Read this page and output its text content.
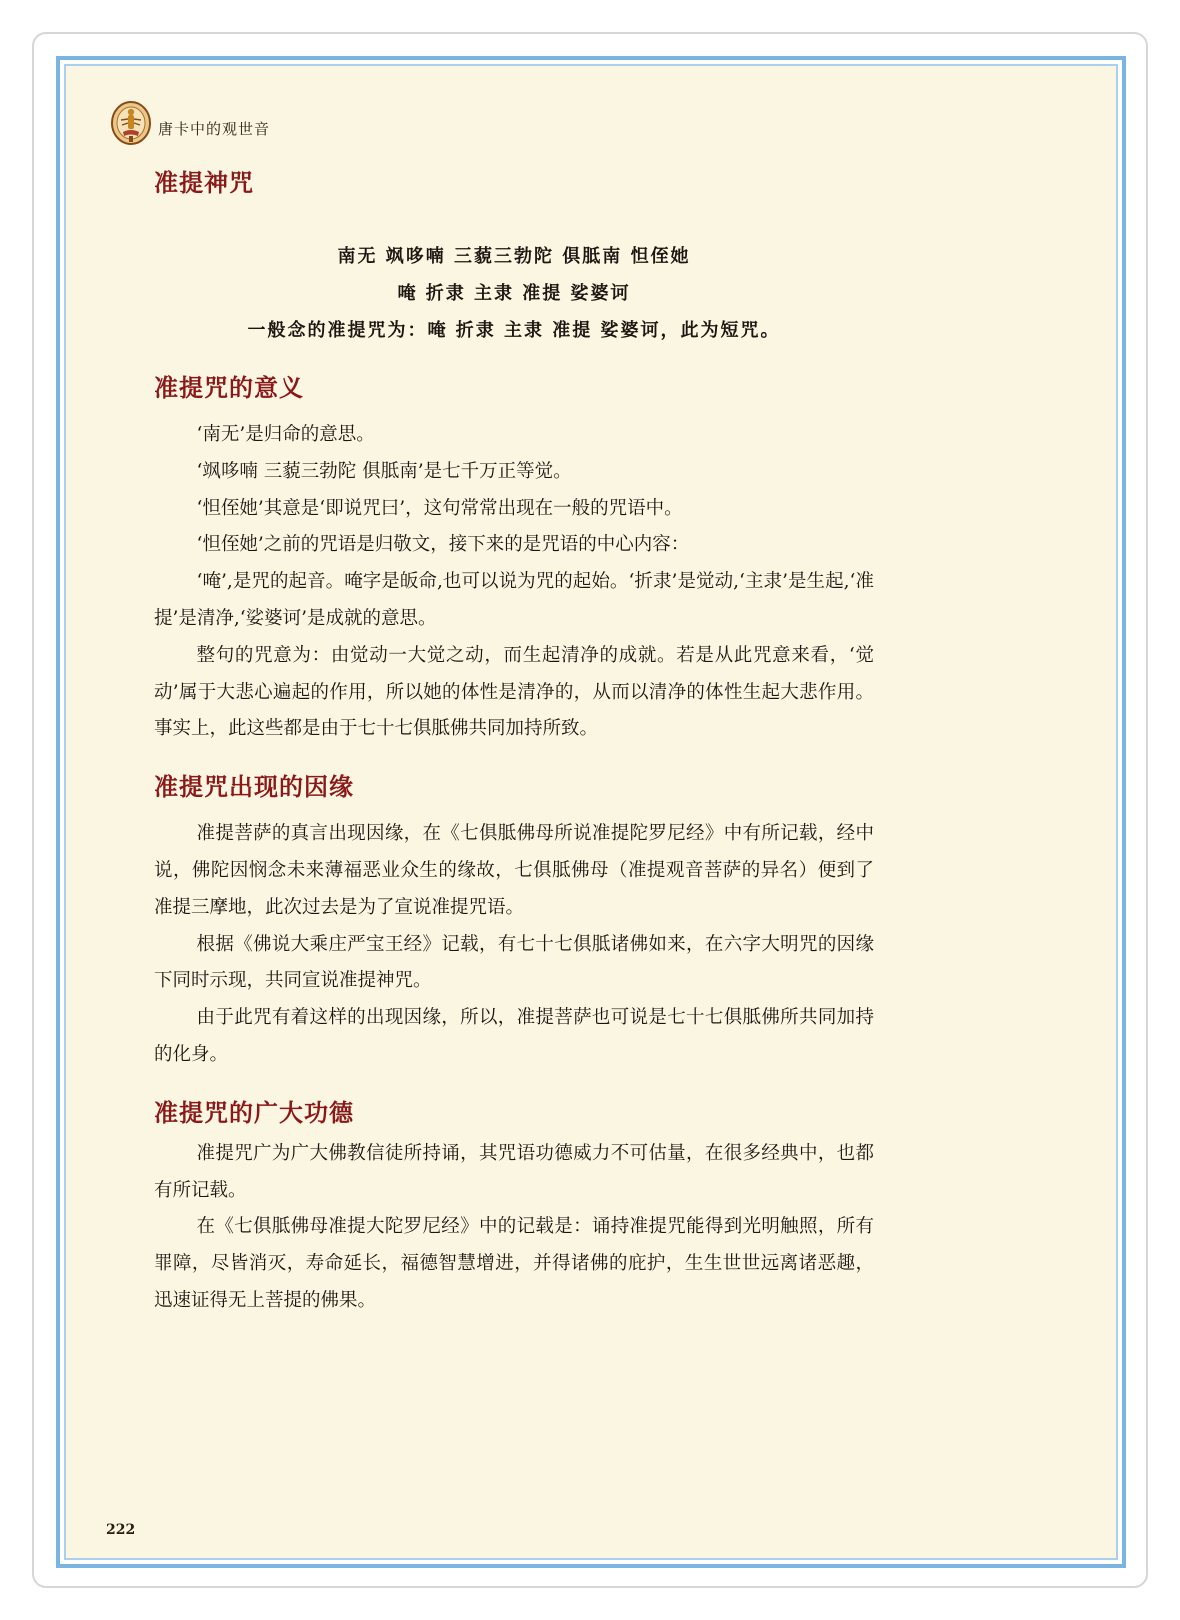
唐卡中的观世音
准提神咒
南无 飒哆喃 三藐三勃陀 俱胝南 怛侄她
唵 折隶 主隶 准提 娑婆诃
一般念的准提咒为：唵 折隶 主隶 准提 娑婆诃，此为短咒。
准提咒的意义

‘南无’是归命的意思。

‘飒哆喃 三藐三勃陀 俱胝南’是七千万正等觉。

‘怛侄她’其意是‘即说咒曰’，这句常常出现在一般的咒语中。

‘怛侄她’之前的咒语是归敬文，接下来的是咒语的中心内容：

‘唵’,是咒的起音。唵字是皈命,也可以说为咒的起始。‘折隶’是觉动,‘主隶’是生起,‘准提’是清净,‘娑婆诃’是成就的意思。

整句的咒意为：由觉动一大觉之动，而生起清净的成就。若是从此咒意来看，‘觉动’属于大悲心遍起的作用，所以她的体性是清净的，从而以清净的体性生起大悲作用。事实上，此这些都是由于七十七俱胝佛共同加持所致。

准提咒出现的因缘

准提菩萨的真言出现因缘，在《七俱胝佛母所说准提陀罗尼经》中有所记载，经中说，佛陀因悯念未来薄福恶业众生的缘故，七俱胝佛母（准提观音菩萨的异名）便到了准提三摩地，此次过去是为了宣说准提咒语。

根据《佛说大乘庄严宝王经》记载，有七十七俱胝诸佛如来，在六字大明咒的因缘下同时示现，共同宣说准提神咒。

由于此咒有着这样的出现因缘，所以，准提菩萨也可说是七十七俱胝佛所共同加持的化身。

准提咒的广大功德

准提咒广为广大佛教信徒所持诵，其咒语功德威力不可估量，在很多经典中，也都有所记载。

在《七俱胝佛母准提大陀罗尼经》中的记载是：诵持准提咒能得到光明触照，所有罪障，尽皆消灭，寿命延长，福德智慧增进，并得诸佛的庇护，生生世世远离诸恶趣，迅速证得无上菩提的佛果。

222
